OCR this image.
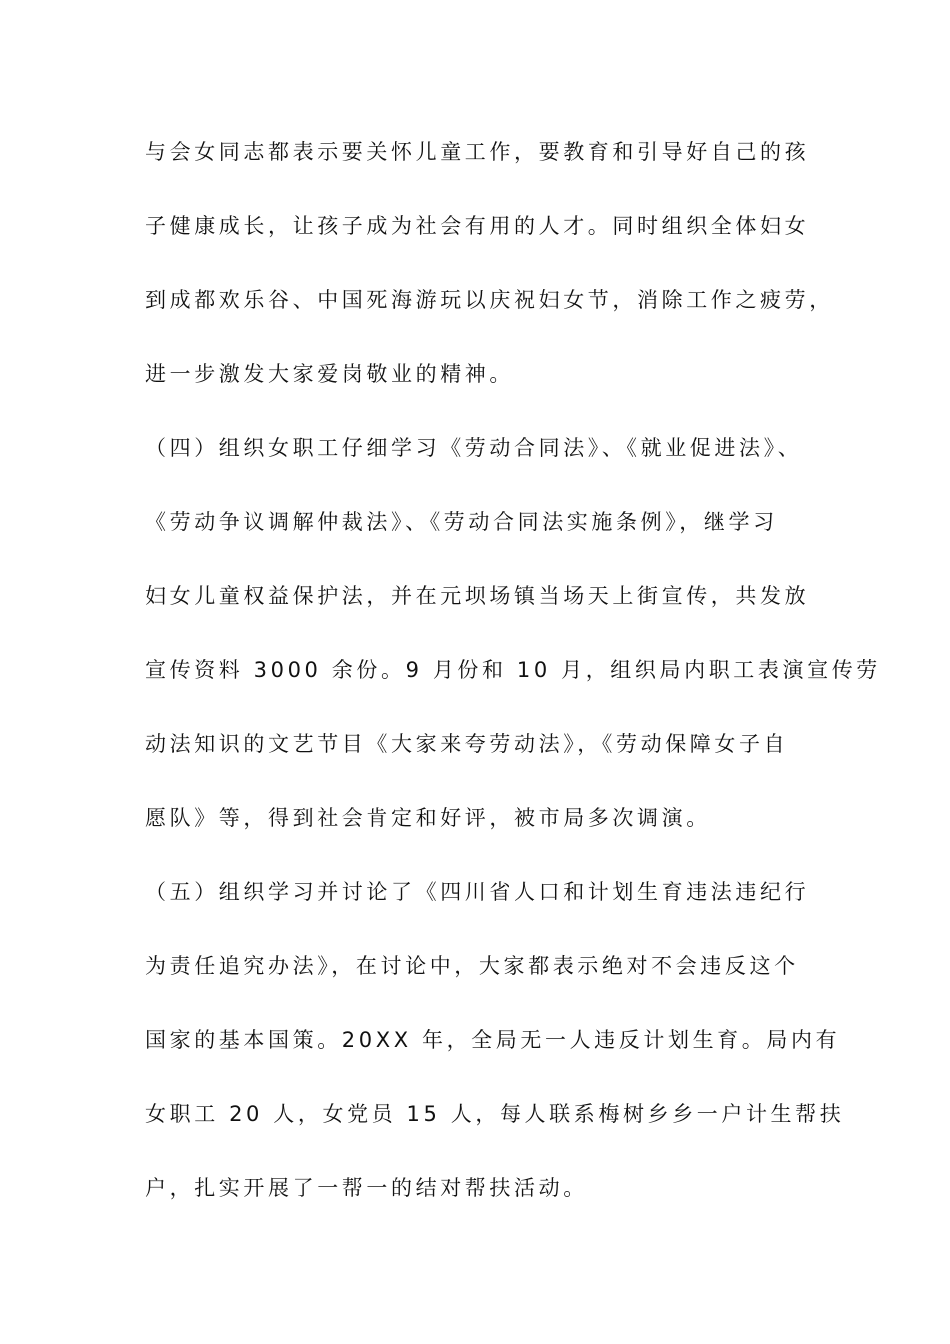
与会女同志都表示要关怀儿童工作，要教育和引导好自己的孩
子健康成长，让孩子成为社会有用的人才。同时组织全体妇女
到成都欢乐谷、中国死海游玩以庆祝妇女节，消除工作之疲劳，
进一步激发大家爱岗敬业的精神。
（四）组织女职工仔细学习《劳动合同法》、《就业促进法》、
《劳动争议调解仲裁法》、《劳动合同法实施条例》，继学习
妇女儿童权益保护法，并在元坝场镇当场天上街宣传，共发放
宣传资料 3000 余份。9 月份和 10 月，组织局内职工表演宣传劳
动法知识的文艺节目《大家来夸劳动法》，《劳动保障女子自
愿队》等，得到社会肯定和好评，被市局多次调演。
（五）组织学习并讨论了《四川省人口和计划生育违法违纪行
为责任追究办法》，在讨论中，大家都表示绝对不会违反这个
国家的基本国策。20XX 年，全局无一人违反计划生育。局内有
女职工 20 人，女党员 15 人，每人联系梅树乡乡一户计生帮扶
户，扎实开展了一帮一的结对帮扶活动。
